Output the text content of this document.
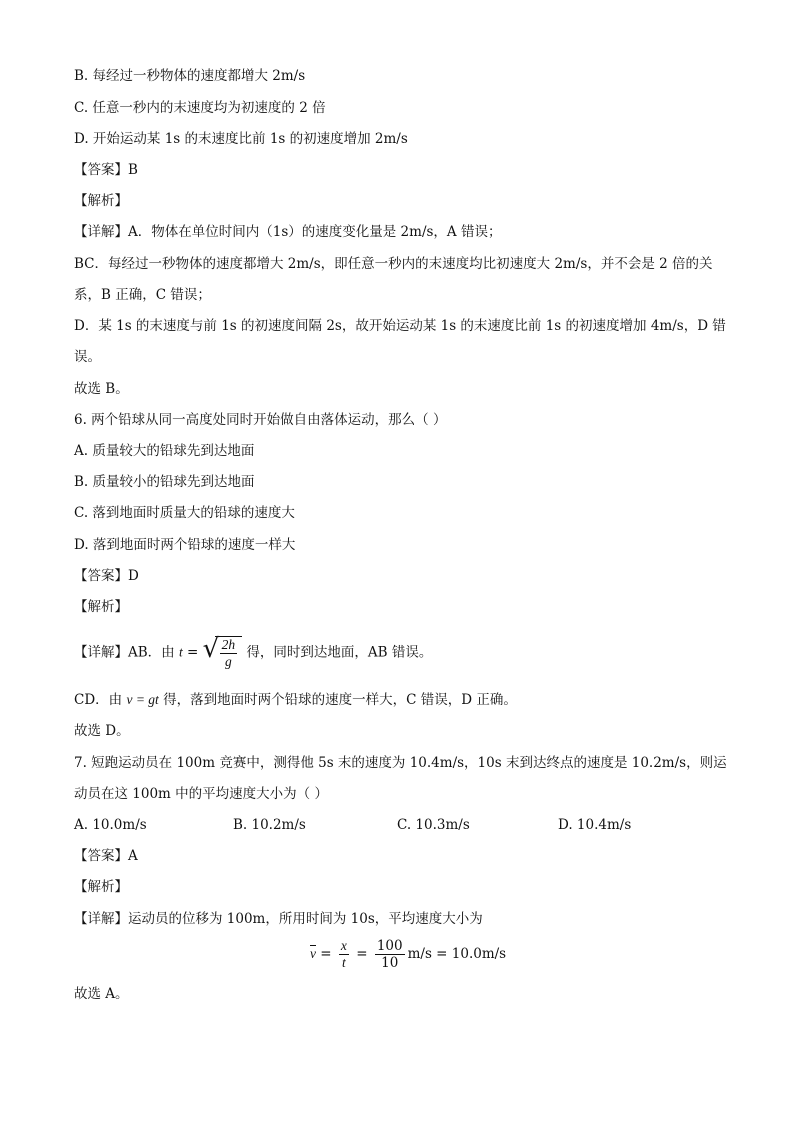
B. 每经过一秒物体的速度都增大 2m/s
C. 任意一秒内的末速度均为初速度的 2 倍
D. 开始运动某 1s 的末速度比前 1s 的初速度增加 2m/s
【答案】B
【解析】
【详解】A．物体在单位时间内（1s）的速度变化量是 2m/s，A 错误；
BC．每经过一秒物体的速度都增大 2m/s，即任意一秒内的末速度均比初速度大 2m/s，并不会是 2 倍的关
系，B 正确，C 错误；
D．某 1s 的末速度与前 1s 的初速度间隔 2s，故开始运动某 1s 的末速度比前 1s 的初速度增加 4m/s，D 错
误。
故选 B。
6. 两个铅球从同一高度处同时开始做自由落体运动，那么（ ）
A. 质量较大的铅球先到达地面
B. 质量较小的铅球先到达地面
C. 落到地面时质量大的铅球的速度大
D. 落到地面时两个铅球的速度一样大
【答案】D
【解析】
【详解】AB．由 t = √ $\frac{2h}{g}$ 得，同时到达地面，AB 错误。
CD．由 v = gt 得，落到地面时两个铅球的速度一样大，C 错误，D 正确。
故选 D。
7. 短跑运动员在 100m 竞赛中，测得他 5s 末的速度为 10.4m/s，10s 末到达终点的速度是 10.2m/s，则运
动员在这 100m 中的平均速度大小为（ ）
A. 10.0m/s	B. 10.2m/s	C. 10.3m/s	D. 10.4m/s
【答案】A
【解析】
【详解】运动员的位移为 100m，所用时间为 10s，平均速度大小为
$\overline{v} = \frac{x}{t} = \frac{100}{10} m/s = 10.0m/s$
故选 A。
